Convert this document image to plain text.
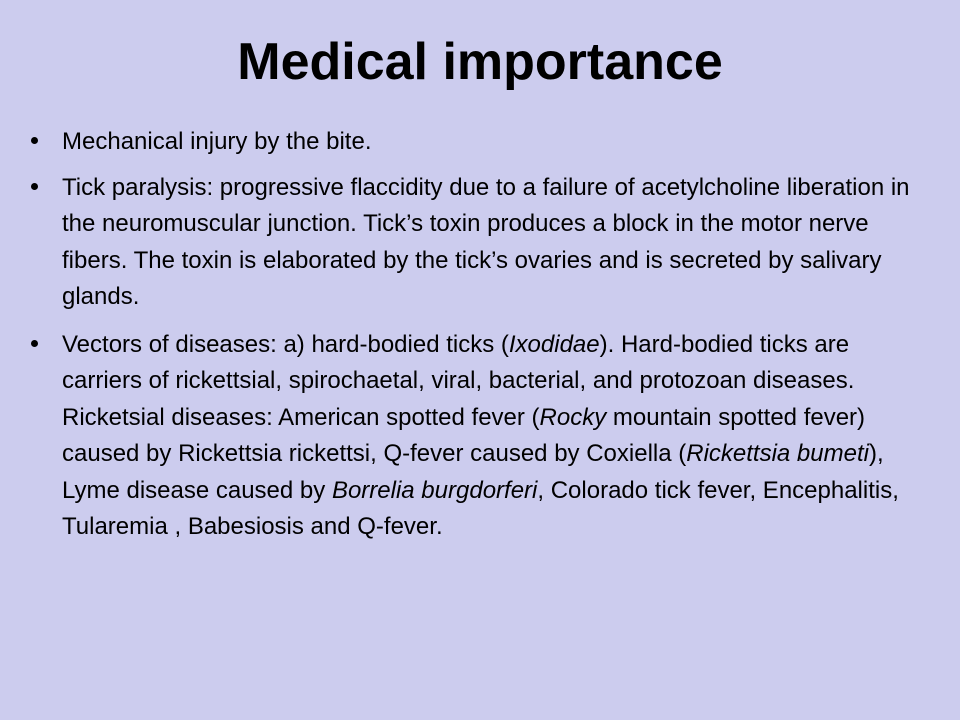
Medical importance
Mechanical injury by the bite.
Tick paralysis: progressive flaccidity due to a failure of acetylcholine liberation in the neuromuscular junction. Tick’s toxin produces a block in the motor nerve fibers. The toxin is elaborated by the tick’s ovaries and is secreted by salivary glands.
Vectors of diseases: a) hard-bodied ticks (Ixodidae). Hard-bodied ticks are carriers of rickettsial, spirochaetal, viral, bacterial, and protozoan diseases. Ricketsial diseases: American spotted fever (Rocky mountain spotted fever) caused by Rickettsia rickettsi, Q-fever caused by Coxiella (Rickettsia bumeti), Lyme disease caused by Borrelia burgdorferi, Colorado tick fever, Encephalitis, Tularemia , Babesiosis and Q-fever.
